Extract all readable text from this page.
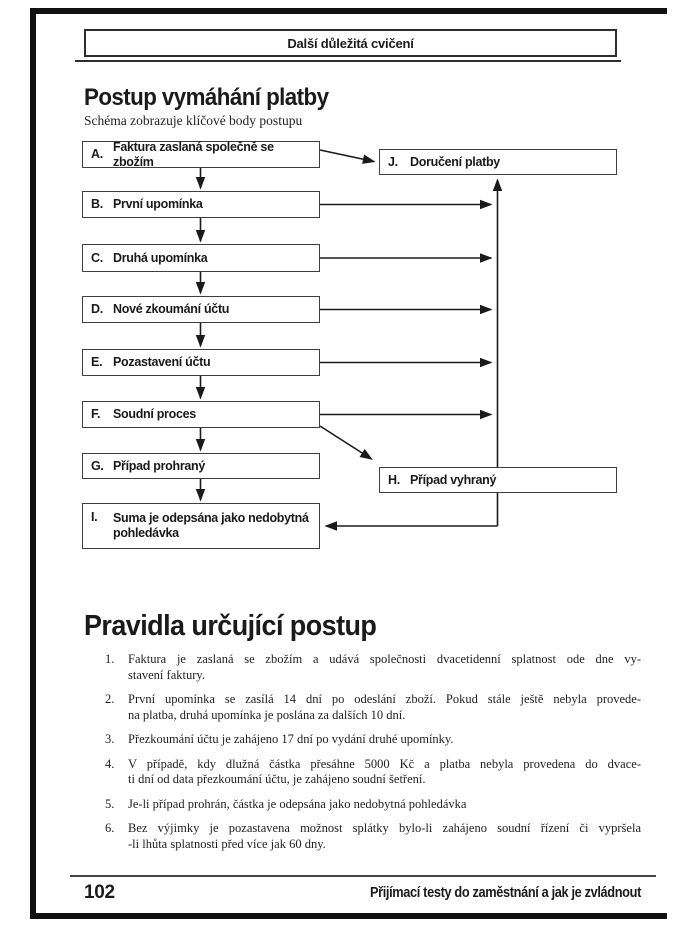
Další důležitá cvičení
Postup vymáhání platby
Schéma zobrazuje klíčové body postupu
A.
Faktura zaslaná společně se zbožím
B. První upomínka
C. Druhá upomínka
D. Nové zkoumání účtu
E. Pozastavení účtu
F.	Soudní proces
G. Případ prohraný
I.	Suma je odepsána jako nedobytná pohledávka
J. Doručení platby
H. Případ vyhraný
Pravidla určující postup
1.	Faktura je zaslaná se zbožím a udává společnosti dvacetidenní splatnost ode dne vy-
stavení faktury.
2.	První upomínka se zasílá 14 dní po odeslání zboží. Pokud stále ještě nebyla provede-
na platba, druhá upomínka je poslána za dalších 10 dní.
3.	Přezkoumání účtu je zahájeno 17 dní po vydání druhé upomínky.
4.	V případě, kdy dlužná částka přesáhne 5000 Kč a platba nebyla provedena do dvace-
ti dní od data přezkoumání účtu, je zahájeno soudní šetření.
5.	Je-li případ prohrán, částka je odepsána jako nedobytná pohledávka
6.	Bez výjimky je pozastavena možnost splátky bylo-li zahájeno soudní řízení či vypršela
-li lhůta splatnosti před více jak 60 dny.
102	Přijímací testy do zaměstnání a jak je zvládnout
